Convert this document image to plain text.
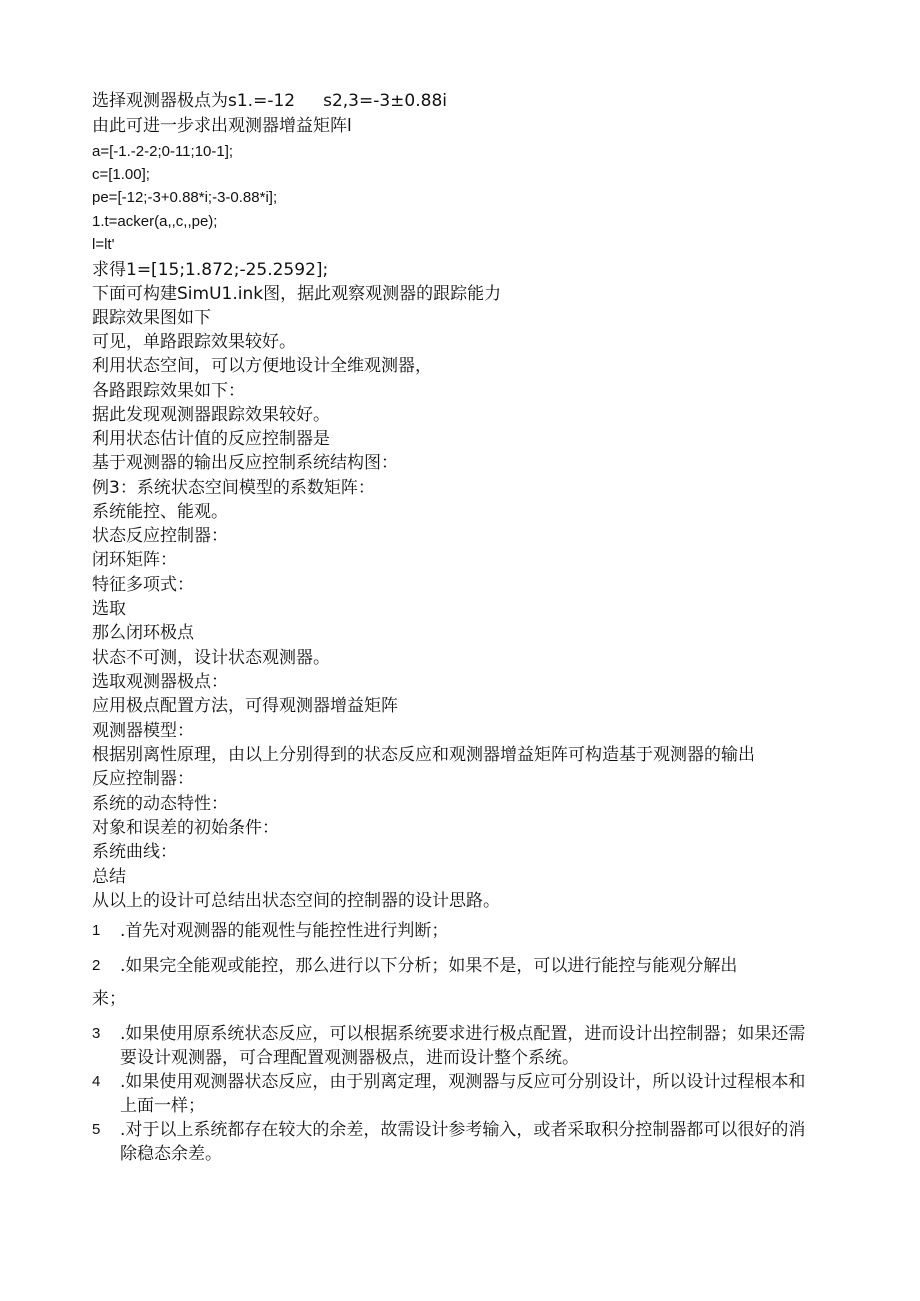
选择观测器极点为s1.=-12 s2,3=-3±0.88i
由此可进一步求出观测器增益矩阵l
a=[-1.-2-2;0-11;10-1];
c=[1.00];
pe=[-12;-3+0.88*i;-3-0.88*i];
1.t=acker(a,,c,,pe);
l=lt'
求得1=[15;1.872;-25.2592];
下面可构建SimU1.ink图，据此观察观测器的跟踪能力
跟踪效果图如下
可见，单路跟踪效果较好。
利用状态空间，可以方便地设计全维观测器，
各路跟踪效果如下：
据此发现观测器跟踪效果较好。
利用状态估计值的反应控制器是
基于观测器的输出反应控制系统结构图：
例3：系统状态空间模型的系数矩阵：
系统能控、能观。
状态反应控制器：
闭环矩阵：
特征多项式：
选取
那么闭环极点
状态不可测，设计状态观测器。
选取观测器极点：
应用极点配置方法，可得观测器增益矩阵
观测器模型：
根据别离性原理，由以上分别得到的状态反应和观测器增益矩阵可构造基于观测器的输出
反应控制器：
系统的动态特性：
对象和误差的初始条件：
系统曲线：
总结
从以上的设计可总结出状态空间的控制器的设计思路。
1	.首先对观测器的能观性与能控性进行判断；
2	.如果完全能观或能控，那么进行以下分析；如果不是，可以进行能控与能观分解出
来；
3	.如果使用原系统状态反应，可以根据系统要求进行极点配置，进而设计出控制器；如果还需要设计观测器，可合理配置观测器极点，进而设计整个系统。
4	.如果使用观测器状态反应，由于别离定理，观测器与反应可分别设计，所以设计过程根本和上面一样；
5	.对于以上系统都存在较大的余差，故需设计参考输入，或者采取积分控制器都可以很好的消除稳态余差。
